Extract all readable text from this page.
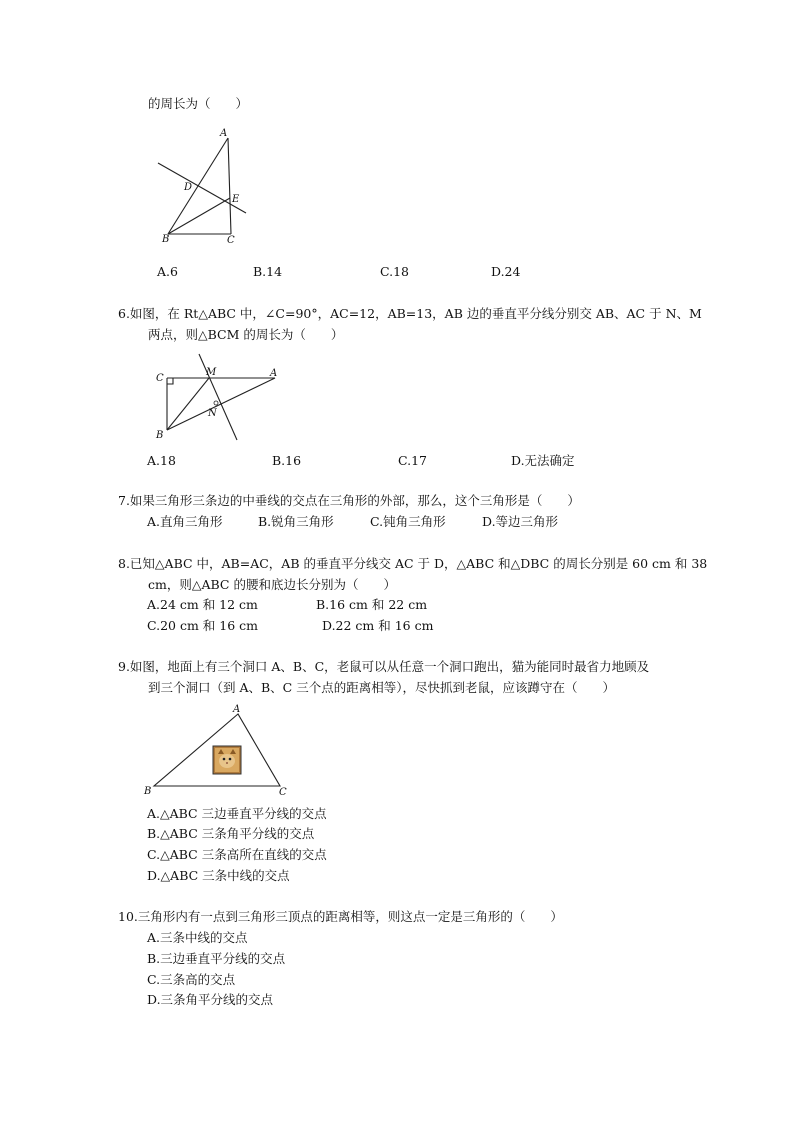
的周长为（　　）
A
D
E
B	C
A.6	B.14	C.18	D.24
6.如图，在 Rt△ABC 中，∠C=90°，AC=12，AB=13，AB 边的垂直平分线分别交 AB、AC 于 N、M
两点，则△BCM 的周长为（　　）
C
M	A
N
B
A.18	B.16	C.17	D.无法确定
7.如果三角形三条边的中垂线的交点在三角形的外部，那么，这个三角形是（　　）
A.直角三角形	B.锐角三角形	C.钝角三角形	D.等边三角形
8.已知△ABC 中，AB=AC，AB 的垂直平分线交 AC 于 D，△ABC 和△DBC 的周长分别是 60 cm 和 38
cm，则△ABC 的腰和底边长分别为（　　）
A.24 cm 和 12 cm	B.16 cm 和 22 cm
C.20 cm 和 16 cm	D.22 cm 和 16 cm
9.如图，地面上有三个洞口 A、B、C，老鼠可以从任意一个洞口跑出，猫为能同时最省力地顾及
到三个洞口（到 A、B、C 三个点的距离相等），尽快抓到老鼠，应该蹲守在（　　）
A
B	C
A.△ABC 三边垂直平分线的交点
B.△ABC 三条角平分线的交点
C.△ABC 三条高所在直线的交点
D.△ABC 三条中线的交点
10.三角形内有一点到三角形三顶点的距离相等，则这点一定是三角形的（　　）
A.三条中线的交点
B.三边垂直平分线的交点
C.三条高的交点
D.三条角平分线的交点
